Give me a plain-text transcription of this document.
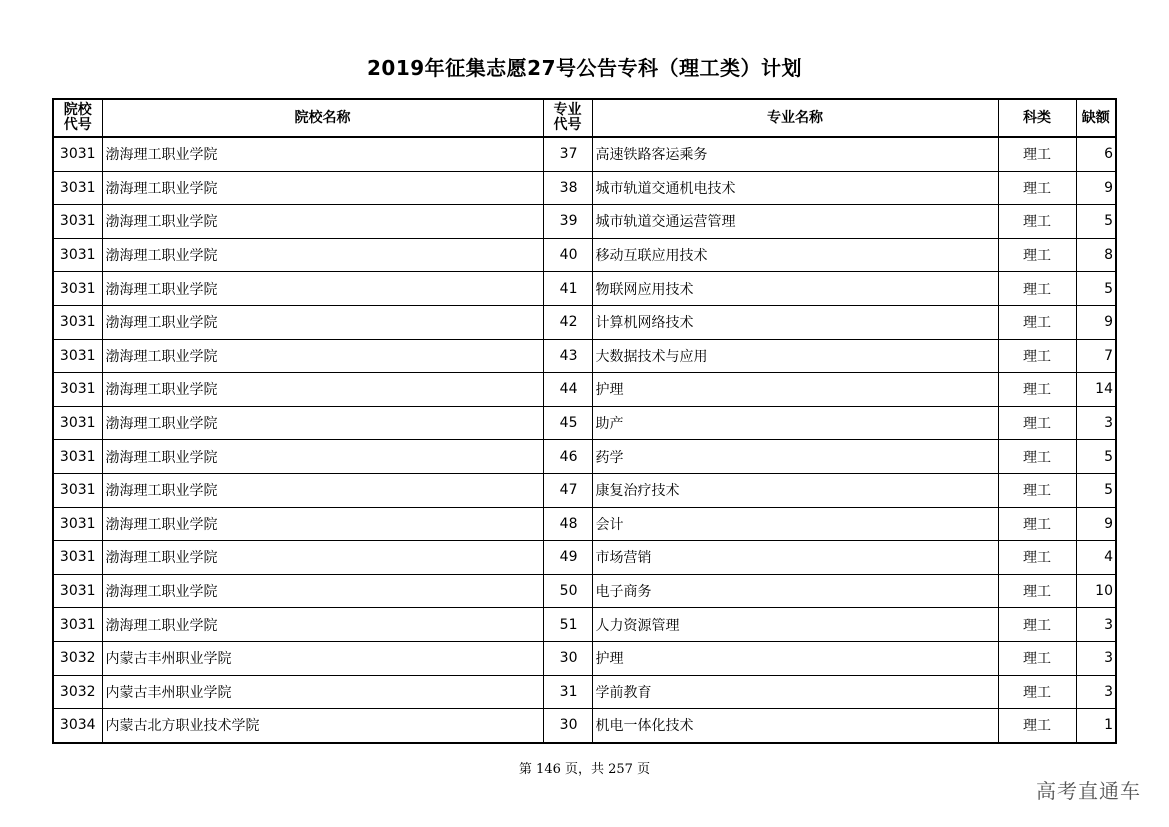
2019年征集志愿27号公告专科（理工类）计划
院校代号	院校名称	专业代号	专业名称	科类	缺额
3031	渤海理工职业学院	37	高速铁路客运乘务	理工	6
3031	渤海理工职业学院	38	城市轨道交通机电技术	理工	9
3031	渤海理工职业学院	39	城市轨道交通运营管理	理工	5
3031	渤海理工职业学院	40	移动互联应用技术	理工	8
3031	渤海理工职业学院	41	物联网应用技术	理工	5
3031	渤海理工职业学院	42	计算机网络技术	理工	9
3031	渤海理工职业学院	43	大数据技术与应用	理工	7
3031	渤海理工职业学院	44	护理	理工	14
3031	渤海理工职业学院	45	助产	理工	3
3031	渤海理工职业学院	46	药学	理工	5
3031	渤海理工职业学院	47	康复治疗技术	理工	5
3031	渤海理工职业学院	48	会计	理工	9
3031	渤海理工职业学院	49	市场营销	理工	4
3031	渤海理工职业学院	50	电子商务	理工	10
3031	渤海理工职业学院	51	人力资源管理	理工	3
3032	内蒙古丰州职业学院	30	护理	理工	3
3032	内蒙古丰州职业学院	31	学前教育	理工	3
3034	内蒙古北方职业技术学院	30	机电一体化技术	理工	1
第 146 页，共 257 页
高考直通车
